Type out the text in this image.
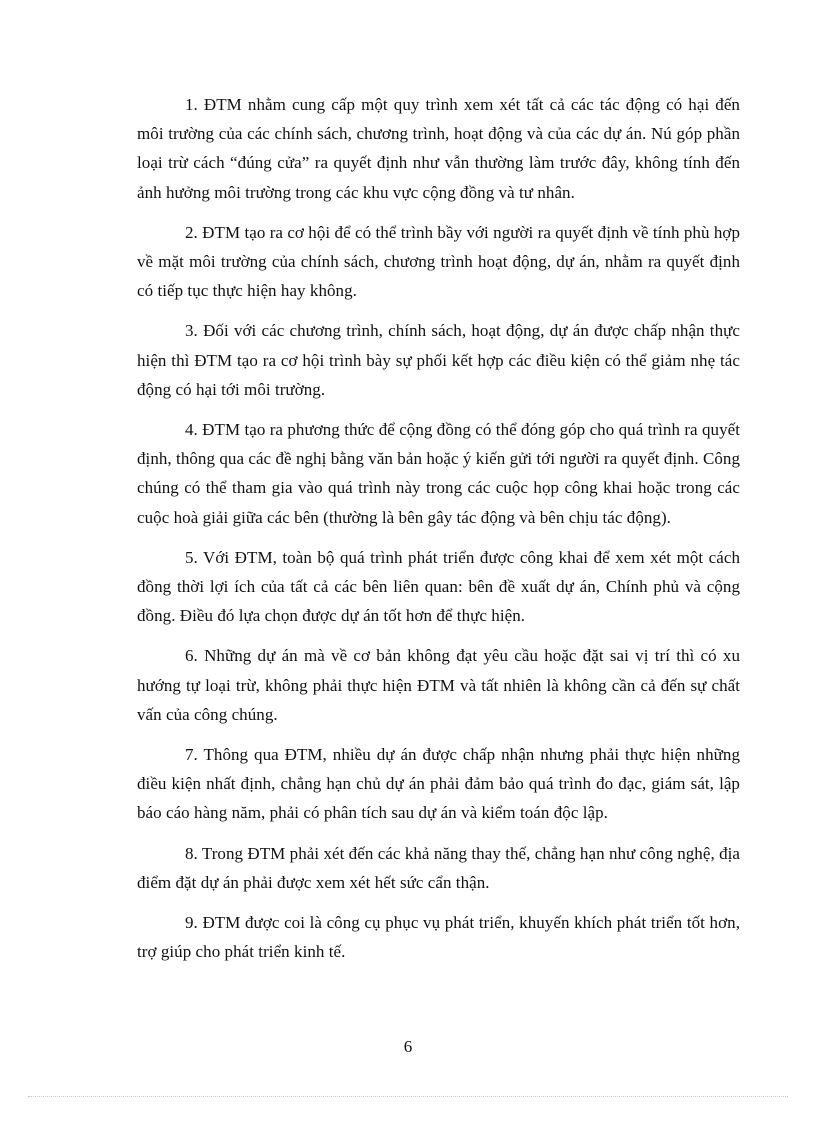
1. ĐTM nhằm cung cấp một quy trình xem xét tất cả các tác động có hại đến môi trường của các chính sách, chương trình, hoạt động và của các dự án. Nú góp phần loại trừ cách “đúng cửa” ra quyết định như vẫn thường làm trước đây, không tính đến ảnh hưởng môi trường trong các khu vực cộng đồng và tư nhân.

2. ĐTM tạo ra cơ hội để có thể trình bầy với người ra quyết định về tính phù hợp về mặt môi trường của chính sách, chương trình hoạt động, dự án, nhằm ra quyết định có tiếp tục thực hiện hay không.

3. Đối với các chương trình, chính sách, hoạt động, dự án được chấp nhận thực hiện thì ĐTM tạo ra cơ hội trình bày sự phối kết hợp các điều kiện có thể giảm nhẹ tác động có hại tới môi trường.

4. ĐTM tạo ra phương thức để cộng đồng có thể đóng góp cho quá trình ra quyết định, thông qua các đề nghị bằng văn bản hoặc ý kiến gửi tới người ra quyết định. Công chúng có thể tham gia vào quá trình này trong các cuộc họp công khai hoặc trong các cuộc hoà giải giữa các bên (thường là bên gây tác động và bên chịu tác động).

5. Với ĐTM, toàn bộ quá trình phát triển được công khai để xem xét một cách đồng thời lợi ích của tất cả các bên liên quan: bên đề xuất dự án, Chính phủ và cộng đồng. Điều đó lựa chọn được dự án tốt hơn để thực hiện.

6. Những dự án mà về cơ bản không đạt yêu cầu hoặc đặt sai vị trí thì có xu hướng tự loại trừ, không phải thực hiện ĐTM và tất nhiên là không cần cả đến sự chất vấn của công chúng.

7. Thông qua ĐTM, nhiều dự án được chấp nhận nhưng phải thực hiện những điều kiện nhất định, chẳng hạn chủ dự án phải đảm bảo quá trình đo đạc, giám sát, lập báo cáo hàng năm, phải có phân tích sau dự án và kiểm toán độc lập.

8. Trong ĐTM phải xét đến các khả năng thay thế, chẳng hạn như công nghệ, địa điểm đặt dự án phải được xem xét hết sức cẩn thận.

9. ĐTM được coi là công cụ phục vụ phát triển, khuyến khích phát triển tốt hơn, trợ giúp cho phát triển kinh tế.

6
